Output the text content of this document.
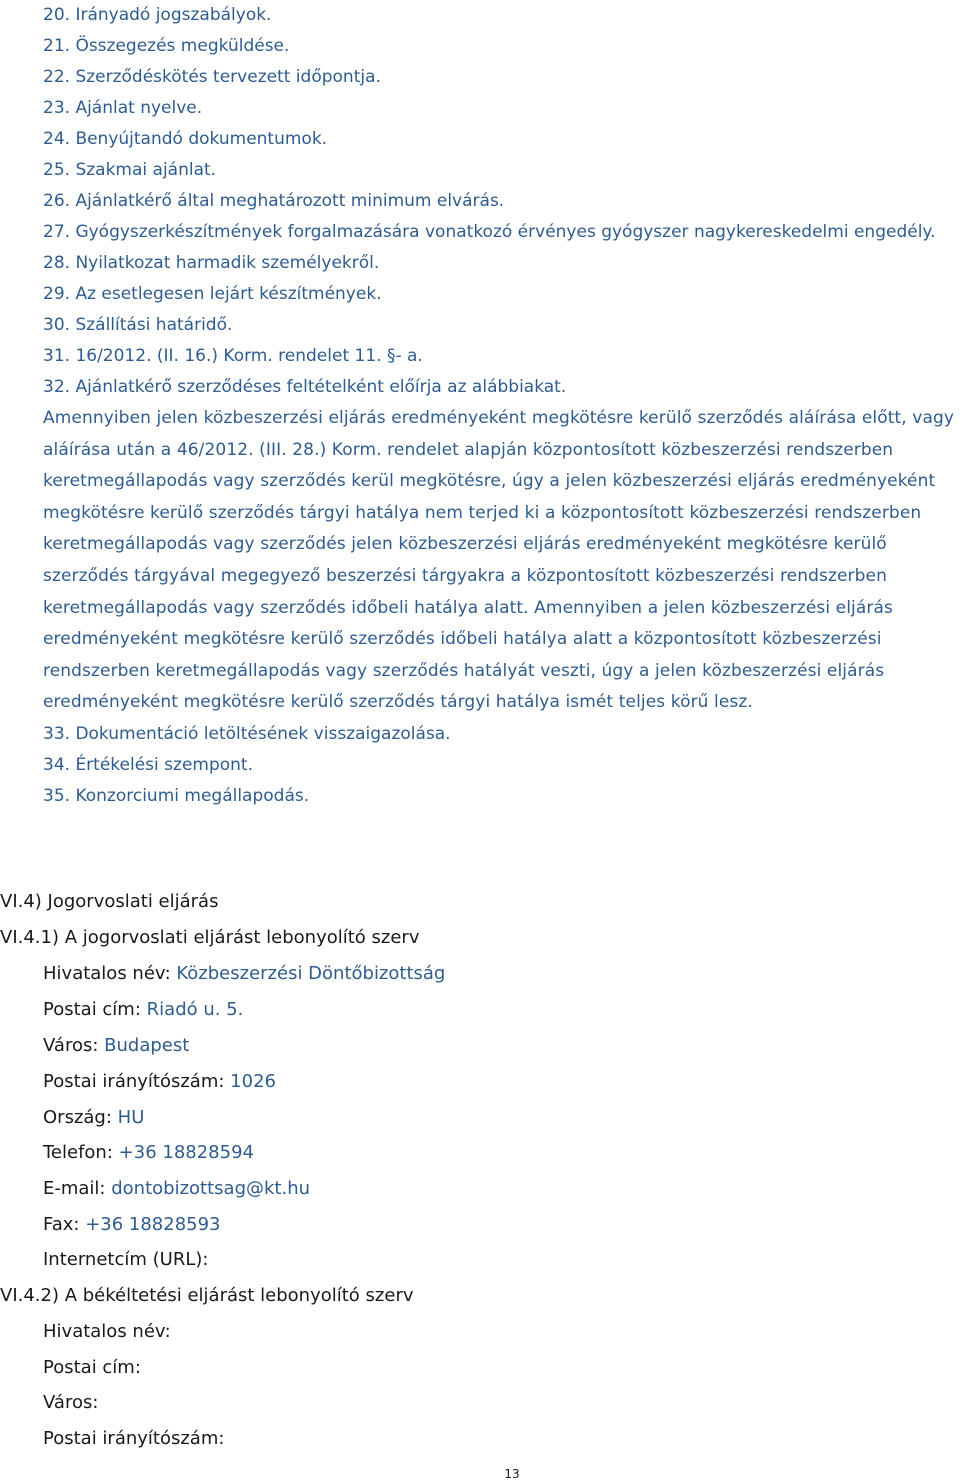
20. Irányadó jogszabályok.
21. Összegezés megküldése.
22. Szerződéskötés tervezett időpontja.
23. Ajánlat nyelve.
24. Benyújtandó dokumentumok.
25. Szakmai ajánlat.
26. Ajánlatkérő által meghatározott minimum elvárás.
27. Gyógyszerkészítmények forgalmazására vonatkozó érvényes gyógyszer nagykereskedelmi engedély.
28. Nyilatkozat harmadik személyekről.
29. Az esetlegesen lejárt készítmények.
30. Szállítási határidő.
31. 16/2012. (II. 16.) Korm. rendelet 11. §- a.
32. Ajánlatkérő szerződéses feltételként előírja az alábbiakat.
Amennyiben jelen közbeszerzési eljárás eredményeként megkötésre kerülő szerződés aláírása előtt, vagy aláírása után a 46/2012. (III. 28.) Korm. rendelet alapján központosított közbeszerzési rendszerben keretmegállapodás vagy szerződés kerül megkötésre, úgy a jelen közbeszerzési eljárás eredményeként megkötésre kerülő szerződés tárgyi hatálya nem terjed ki a központosított közbeszerzési rendszerben keretmegállapodás vagy szerződés jelen közbeszerzési eljárás eredményeként megkötésre kerülő szerződés tárgyával megegyező beszerzési tárgyakra a központosított közbeszerzési rendszerben keretmegállapodás vagy szerződés időbeli hatálya alatt. Amennyiben a jelen közbeszerzési eljárás eredményeként megkötésre kerülő szerződés időbeli hatálya alatt a központosított közbeszerzési rendszerben keretmegállapodás vagy szerződés hatályát veszti, úgy a jelen közbeszerzési eljárás eredményeként megkötésre kerülő szerződés tárgyi hatálya ismét teljes körű lesz.
33. Dokumentáció letöltésének visszaigazolása.
34. Értékelési szempont.
35. Konzorciumi megállapodás.
VI.4) Jogorvoslati eljárás
VI.4.1) A jogorvoslati eljárást lebonyolító szerv
Hivatalos név: Közbeszerzési Döntőbizottság
Postai cím: Riadó u. 5.
Város: Budapest
Postai irányítószám: 1026
Ország: HU
Telefon: +36 18828594
E-mail: dontobizottsag@kt.hu
Fax: +36 18828593
Internetcím (URL):
VI.4.2) A békéltetési eljárást lebonyolító szerv
Hivatalos név:
Postai cím:
Város:
Postai irányítószám:
13
